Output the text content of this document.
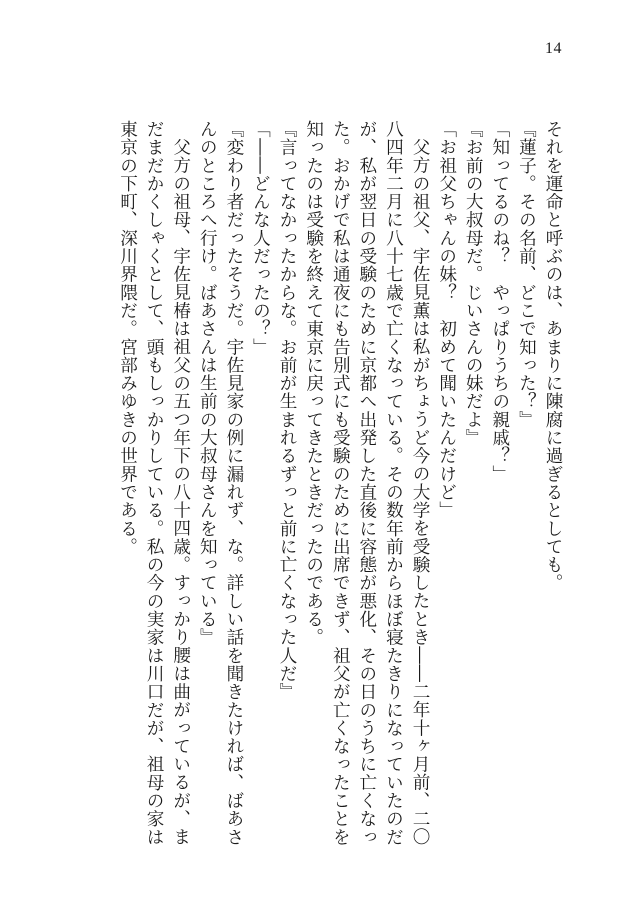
14
それを運命と呼ぶのは、あまりに陳腐に過ぎるとしても。
『蓮子。その名前、どこで知った？』
「知ってるのね？　やっぱりうちの親戚？」
『お前の大叔母だ。じいさんの妹だよ』
「お祖父ちゃんの妹？　初めて聞いたんだけど」
父方の祖父、宇佐見薫は私がちょうど今の大学を受験したとき――二年十ヶ月前、二〇八四年二月に八十七歳で亡くなっている。その数年前からほぼ寝たきりになっていたのだが、私が翌日の受験のために京都へ出発した直後に容態が悪化、その日のうちに亡くなった。おかげで私は通夜にも告別式にも受験のために出席できず、祖父が亡くなったことを知ったのは受験を終えて東京に戻ってきたときだったのである。
『言ってなかったからな。お前が生まれるずっと前に亡くなった人だ』
「――どんな人だったの？」
『変わり者だったそうだ。宇佐見家の例に漏れず、な。詳しい話を聞きたければ、ばあさんのところへ行け。ばあさんは生前の大叔母さんを知っている』
父方の祖母、宇佐見椿は祖父の五つ年下の八十四歳。すっかり腰は曲がっているが、まだまだかくしゃくとして、頭もしっかりしている。私の今の実家は川口だが、祖母の家は東京の下町、深川界隈だ。宮部みゆきの世界である。
